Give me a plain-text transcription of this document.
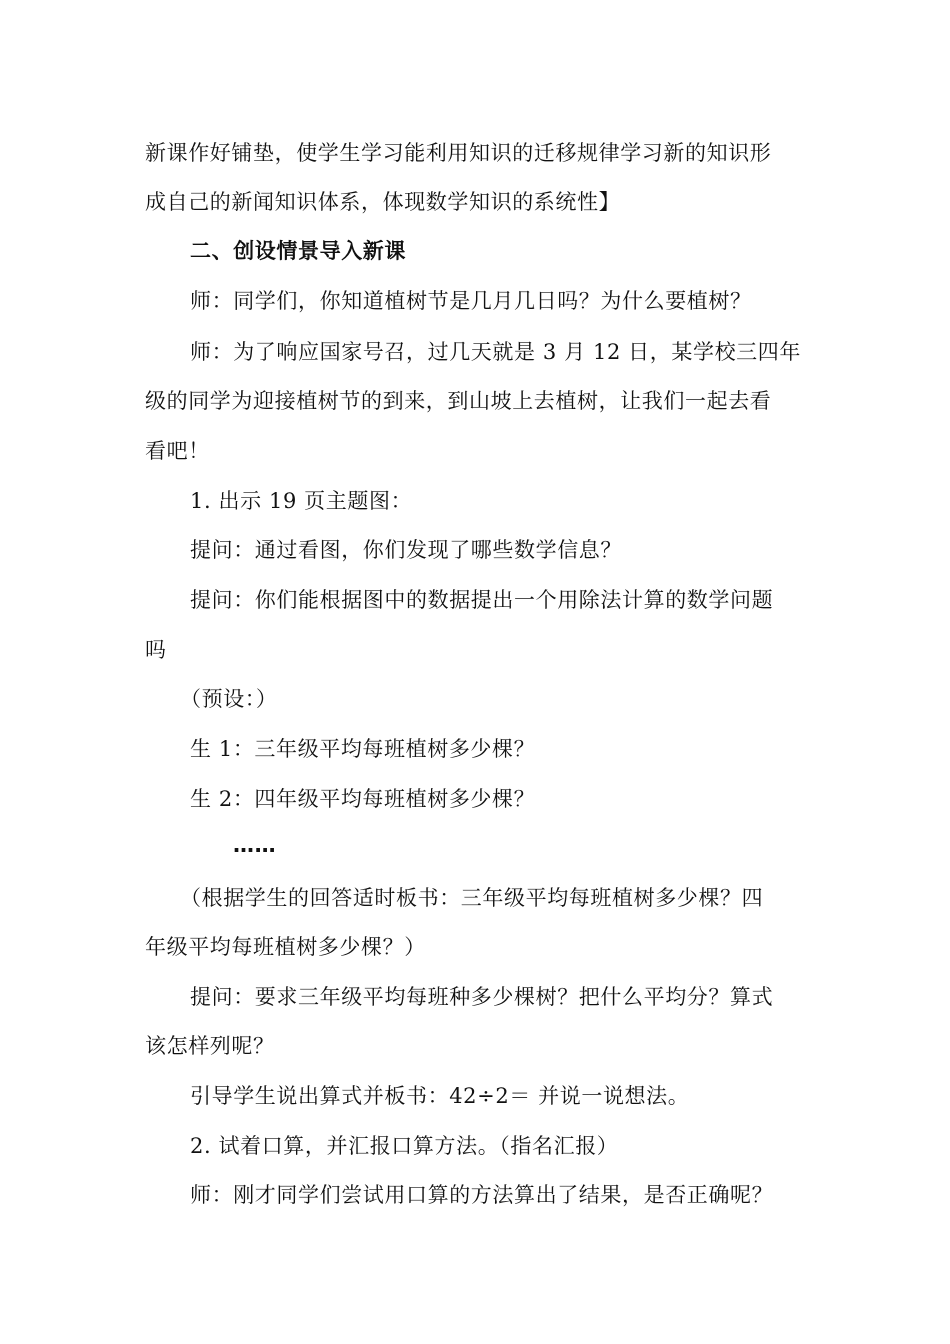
新课作好铺垫，使学生学习能利用知识的迁移规律学习新的知识形
成自己的新闻知识体系，体现数学知识的系统性】
二、创设情景导入新课
师：同学们，你知道植树节是几月几日吗？为什么要植树？
师：为了响应国家号召，过几天就是 3 月 12 日，某学校三四年
级的同学为迎接植树节的到来，到山坡上去植树，让我们一起去看
看吧！
1. 出示 19 页主题图：
提问：通过看图，你们发现了哪些数学信息？
提问：你们能根据图中的数据提出一个用除法计算的数学问题
吗
（预设：）
生 1：三年级平均每班植树多少棵？
生 2：四年级平均每班植树多少棵？
……
（根据学生的回答适时板书：三年级平均每班植树多少棵？四
年级平均每班植树多少棵？）
提问：要求三年级平均每班种多少棵树？把什么平均分？算式
该怎样列呢？
引导学生说出算式并板书：42÷2＝ 并说一说想法。
2. 试着口算，并汇报口算方法。（指名汇报）
师：刚才同学们尝试用口算的方法算出了结果，是否正确呢？
